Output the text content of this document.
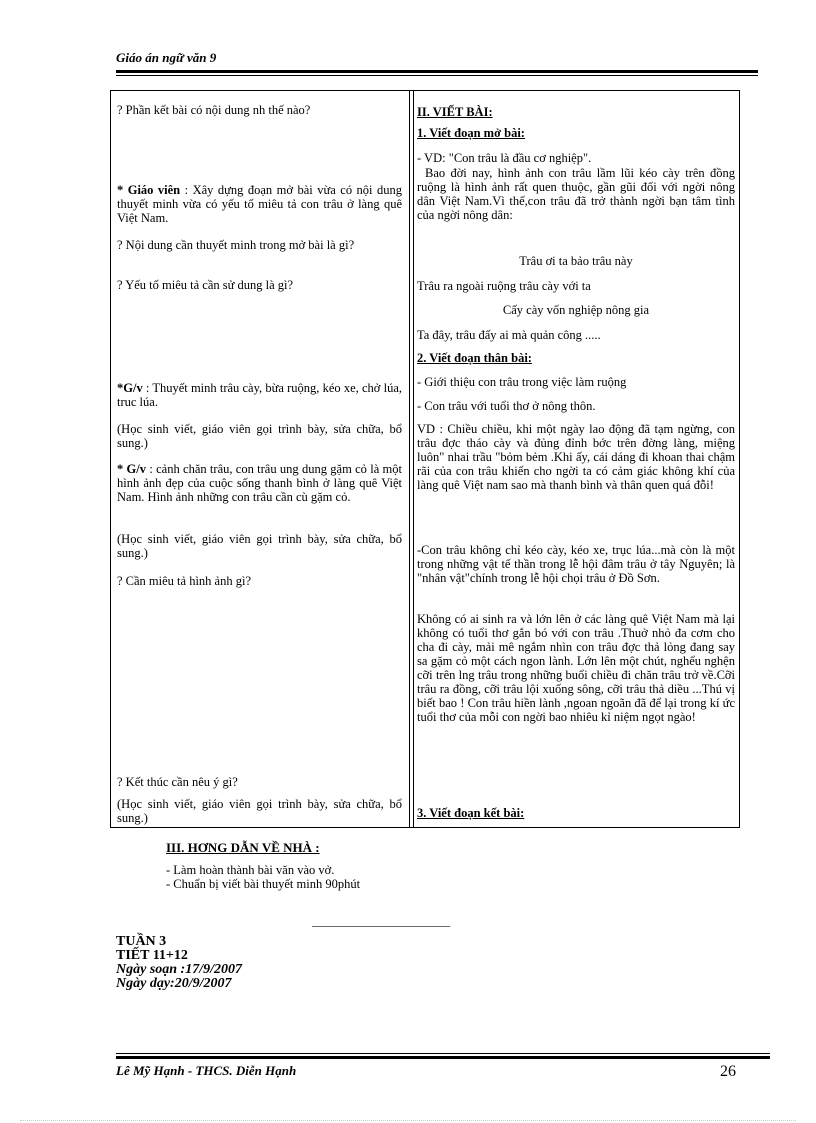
Giáo án ngữ văn 9
? Phần kết bài có nội dung nh thế nào?
* Giáo viên : Xây dựng đoạn mở bài vừa có nội dung thuyết minh vừa có yếu tố miêu tả con trâu ở làng quê Việt Nam.
? Nội dung cần thuyết minh trong mở bài là gì?
? Yếu tố miêu tả cần sử dung là gì?
*G/v : Thuyết minh trâu cày, bừa ruộng, kéo xe, chở lúa, truc lúa.
(Học sinh viết, giáo viên gọi trình bày, sửa chữa, bổ sung.)
* G/v : cảnh chăn trâu, con trâu ung dung gặm cỏ là một hình ảnh đẹp của cuộc sống thanh bình ở làng quê Việt Nam. Hình ảnh những con trâu cần cù gặm cỏ.
(Học sinh viết, giáo viên gọi trình bày, sửa chữa, bổ sung.)
? Cần miêu tả hình ảnh gì?
? Kết thúc cần nêu ý gì?
(Học sinh viết, giáo viên gọi trình bày, sửa chữa, bổ sung.)
II. VIẾT BÀI:
1. Viết đoạn mở bài:
- VD: "Con trâu là đầu cơ nghiệp".
Bao đời nay, hình ảnh con trâu lầm lũi kéo cày trên đồng ruộng là hình ảnh rất quen thuộc, gần gũi đối với ngời nông dân Việt Nam.Vì thế,con trâu đã trở thành ngời bạn tâm tình của ngời nông dân:
Trâu ơi ta bảo trâu này
Trâu ra ngoài ruộng trâu cày với ta
Cấy cày vốn nghiệp nông gia
Ta đây, trâu đấy ai mà quản công .....
2. Viết đoạn thân bài:
- Giới thiệu con trâu trong việc làm ruộng
- Con trâu với tuổi thơ ở nông thôn.
VD : Chiều chiều, khi một ngày lao động đã tạm ngừng, con trâu đợc tháo cày và đủng đỉnh bớc trên đờng làng, miệng luôn" nhai trầu "bỏm bẻm .Khi ấy, cái dáng đi khoan thai chậm rãi của con trâu khiến cho ngời ta có cảm giác không khí của làng quê Việt nam sao mà thanh bình và thân quen quá đỗi!
-Con trâu không chỉ kéo cày, kéo xe, trục lúa...mà còn là một trong những vật tế thần trong lễ hội đâm trâu ở tây Nguyên; là "nhân vật"chính trong lễ hội chọi trâu ở Đồ Sơn.
Không có ai sinh ra và lớn lên ở các làng quê Việt Nam mà lại không có tuổi thơ gắn bó với con trâu .Thuở nhỏ đa cơm cho cha đi cày, mải mê ngắm nhìn con trâu đợc thả lỏng đang say sa gặm cỏ một cách ngon lành. Lớn lên một chút, nghểu nghện cỡi trên lng trâu trong những buổi chiều đi chăn trâu trở về.Cỡi trâu ra đồng, cỡi trâu lội xuống sông, cỡi trâu thả diều ...Thú vị biết bao ! Con trâu hiền lành ,ngoan ngoãn đã để lại trong kí ức tuổi thơ của mỗi con ngời bao nhiêu kỉ niệm ngọt ngào!
3. Viết đoạn kết bài:
III. HƠNG DẪN VỀ NHÀ :
- Làm hoàn thành bài văn vào vở.
- Chuẩn bị viết bài thuyết minh 90phút
_______________________
TUẦN 3
TIẾT 11+12
Ngày soạn :17/9/2007
Ngày dạy:20/9/2007
Lê Mỹ Hạnh - THCS. Diễn Hạnh	26
